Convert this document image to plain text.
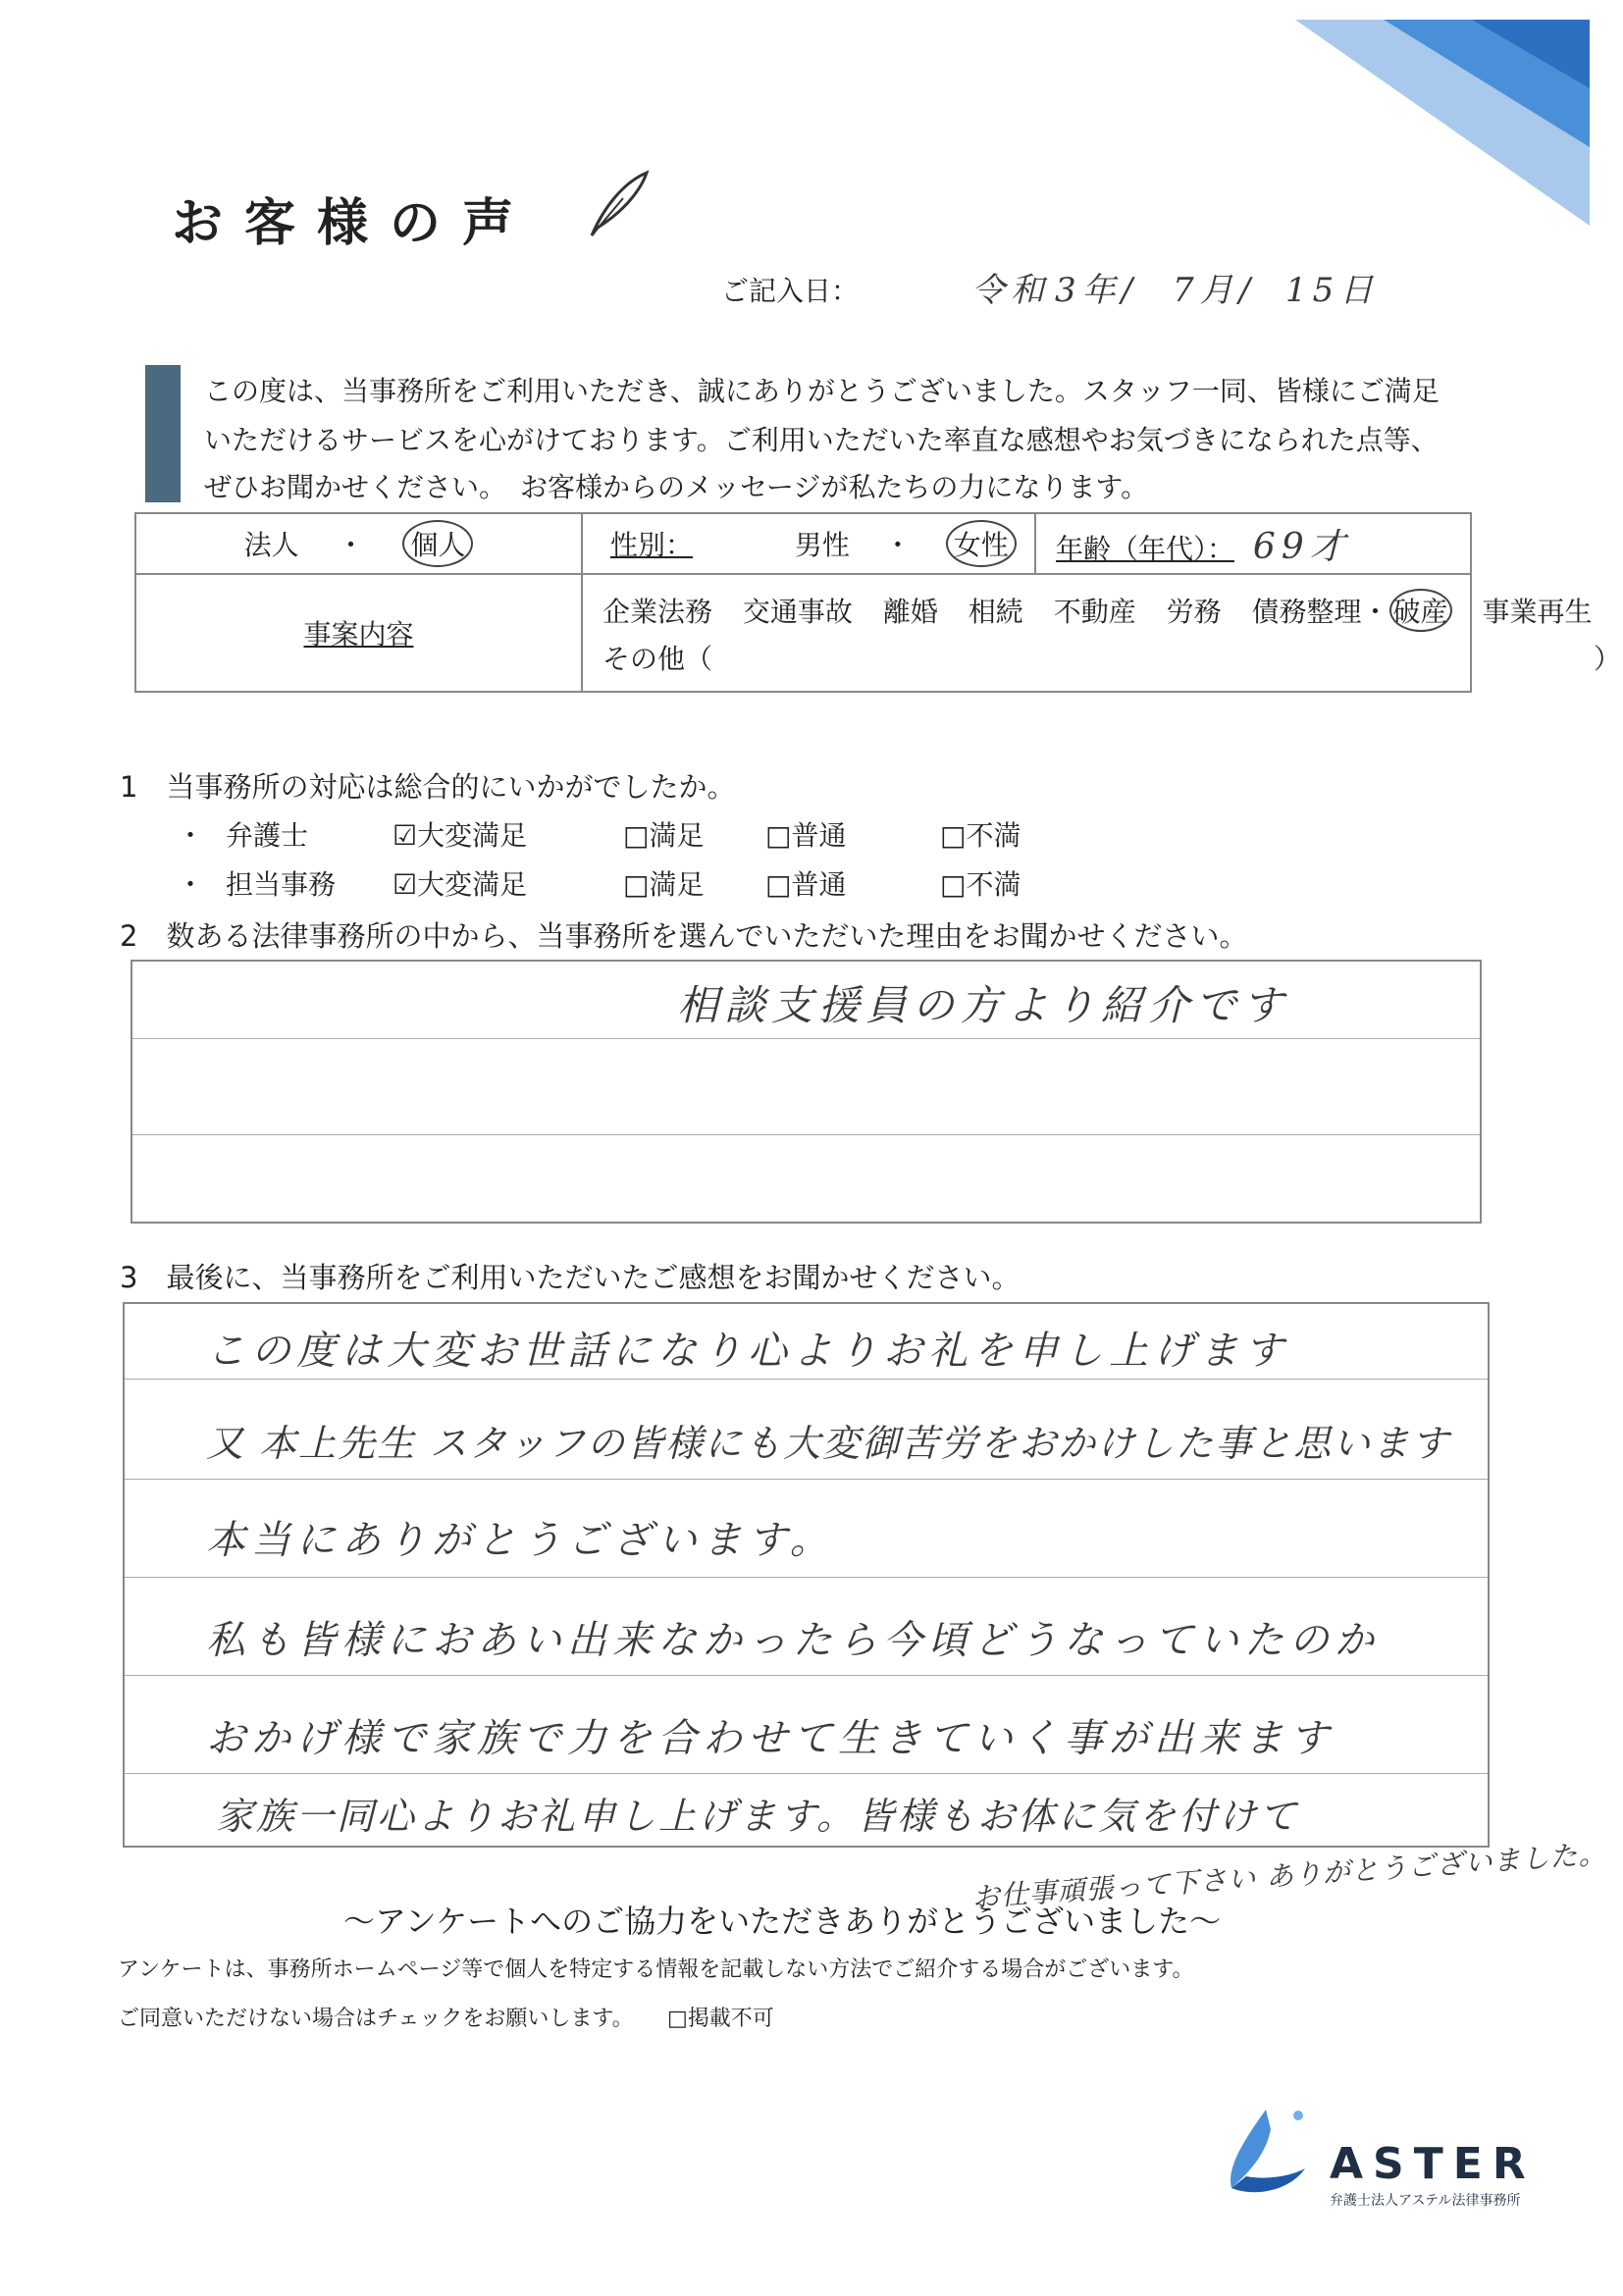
お客様の声
ご記入日：	令和 3年/ 7月/ 15日
この度は、当事務所をご利用いただき、誠にありがとうございました。スタッフ一同、皆様にご満足
いただけるサービスを心がけております。ご利用いただいた率直な感想やお気づきになられた点等、
ぜひお聞かせください。　お客様からのメッセージが私たちの力になります。
法人 ・ 個人	性別： 男性 ・ 女性	年齢（年代）： 69才
事案内容	企業法務 交通事故 離婚 相続 不動産 労務 債務整理・ 破産 事業再生
その他（ ）	
1　当事務所の対応は総合的にいかがでしたか。
・ 弁護士	☑大変満足	□満足 □普通	□不満
・ 担当事務 ☑大変満足	□満足 □普通	□不満
2　数ある法律事務所の中から、当事務所を選んでいただいた理由をお聞かせください。
相談支援員の方より紹介です
3　最後に、当事務所をご利用いただいたご感想をお聞かせください。
この度は大変お世話になり心よりお礼を申し上げます
又 本上先生 スタッフの皆様にも大変御苦労をおかけした事と思います
本当にありがとうございます。
私も皆様におあい出来なかったら今頃どうなっていたのか
おかげ様で家族で力を合わせて生きていく事が出来ます
家族一同心よりお礼申し上げます。皆様もお体に気を付けて
お仕事頑張って下さい ありがとうございました。
～アンケートへのご協力をいただきありがとうございました～
アンケートは、事務所ホームページ等で個人を特定する情報を記載しない方法でご紹介する場合がございます。
ご同意いただけない場合はチェックをお願いします。 □掲載不可
ASTER
弁護士法人アステル法律事務所
